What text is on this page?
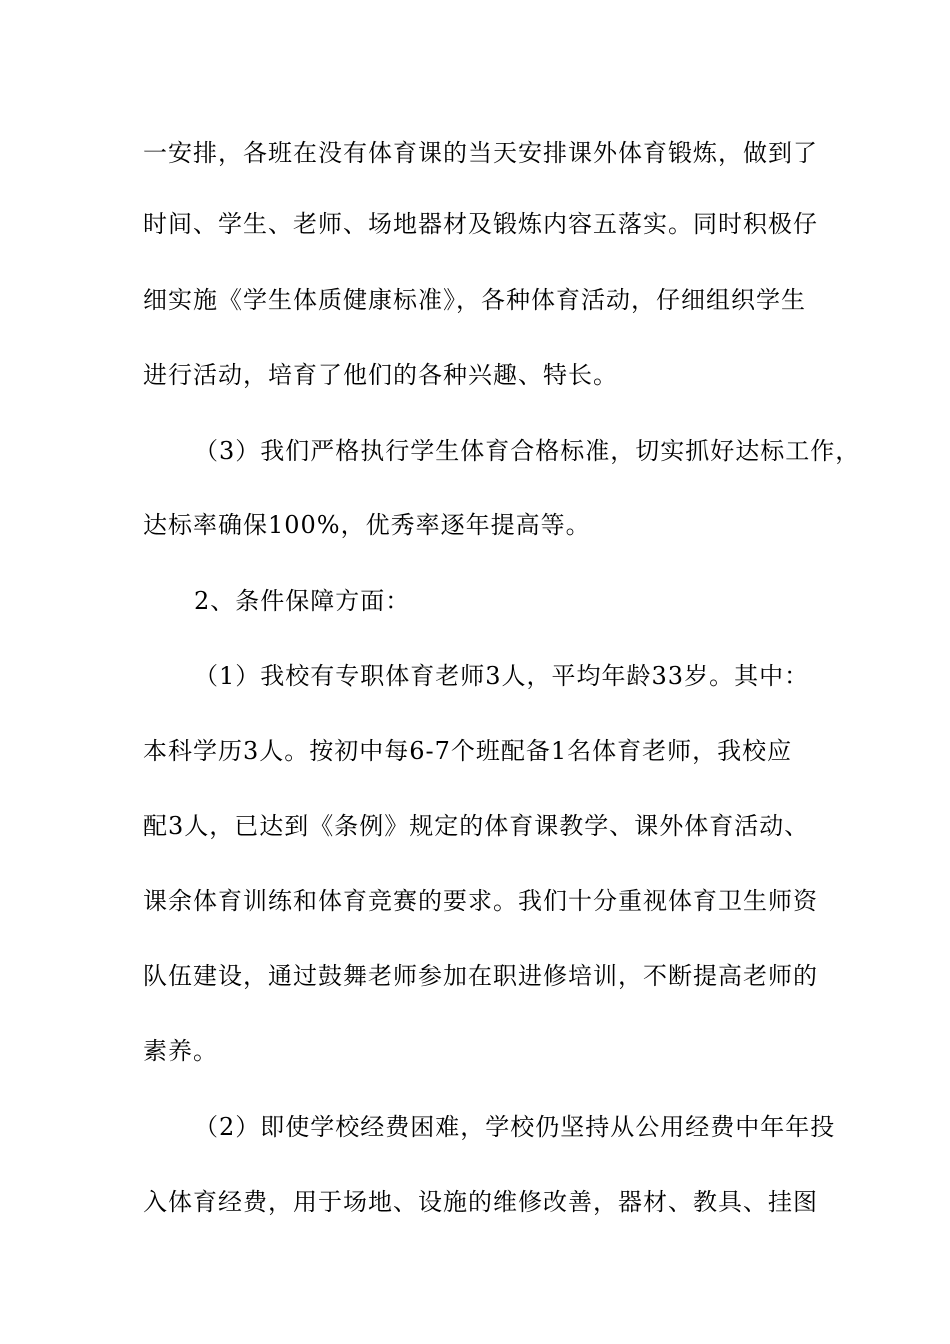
一安排，各班在没有体育课的当天安排课外体育锻炼，做到了
时间、学生、老师、场地器材及锻炼内容五落实。同时积极仔
细实施《学生体质健康标准》，各种体育活动，仔细组织学生
进行活动，培育了他们的各种兴趣、特长。
（3）我们严格执行学生体育合格标准，切实抓好达标工作，
达标率确保100%，优秀率逐年提高等。
2、条件保障方面：
（1）我校有专职体育老师3人，平均年龄33岁。其中：
本科学历3人。按初中每6-7个班配备1名体育老师，我校应
配3人，已达到《条例》规定的体育课教学、课外体育活动、
课余体育训练和体育竞赛的要求。我们十分重视体育卫生师资
队伍建设，通过鼓舞老师参加在职进修培训，不断提高老师的
素养。
（2）即使学校经费困难，学校仍坚持从公用经费中年年投
入体育经费，用于场地、设施的维修改善，器材、教具、挂图
